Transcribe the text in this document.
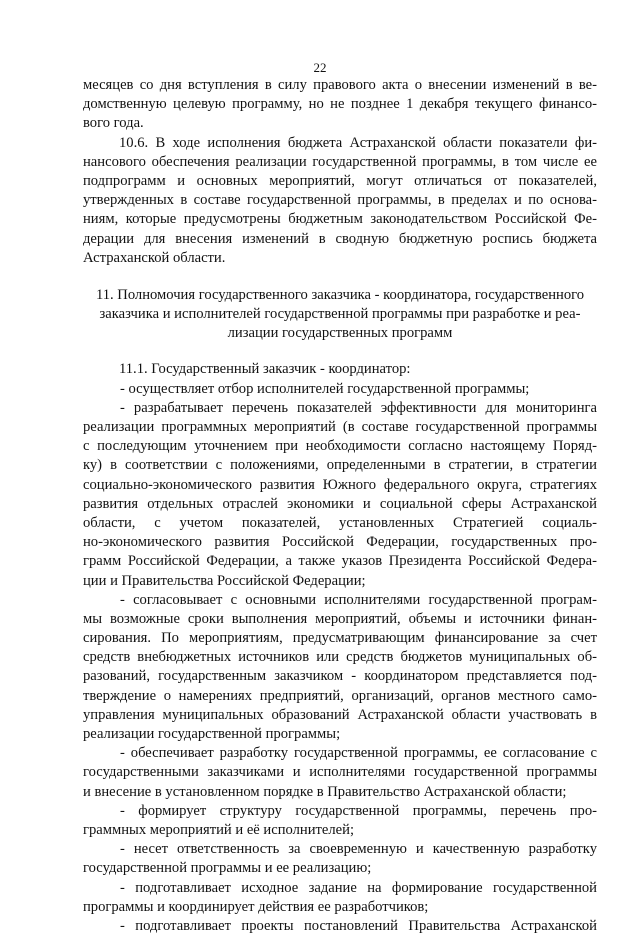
22
месяцев со дня вступления в силу правового акта о внесении изменений в ве-
домственную целевую программу, но не позднее 1 декабря текущего финансо-
вого года.
10.6. В ходе исполнения бюджета Астраханской области показатели фи-
нансового обеспечения реализации государственной программы, в том числе ее
подпрограмм и основных мероприятий, могут отличаться от показателей,
утвержденных в составе государственной программы, в пределах и по основа-
ниям, которые предусмотрены бюджетным законодательством Российской Фе-
дерации для внесения изменений в сводную бюджетную роспись бюджета
Астраханской области.
11. Полномочия государственного заказчика - координатора, государственного
заказчика и исполнителей государственной программы при разработке и реа-
лизации государственных программ
11.1. Государственный заказчик - координатор:
- осуществляет отбор исполнителей государственной программы;
- разрабатывает перечень показателей эффективности для мониторинга
реализации программных мероприятий (в составе государственной программы
с последующим уточнением при необходимости согласно настоящему Поряд-
ку) в соответствии с положениями, определенными в стратегии, в стратегии
социально-экономического развития Южного федерального округа, стратегиях
развития отдельных отраслей экономики и социальной сферы Астраханской
области, с учетом показателей, установленных Стратегией социаль-
но-экономического развития Российской Федерации, государственных про-
грамм Российской Федерации, а также указов Президента Российской Федера-
ции и Правительства Российской Федерации;
- согласовывает с основными исполнителями государственной програм-
мы возможные сроки выполнения мероприятий, объемы и источники финан-
сирования. По мероприятиям, предусматривающим финансирование за счет
средств внебюджетных источников или средств бюджетов муниципальных об-
разований, государственным заказчиком - координатором представляется под-
тверждение о намерениях предприятий, организаций, органов местного само-
управления муниципальных образований Астраханской области участвовать в
реализации государственной программы;
- обеспечивает разработку государственной программы, ее согласование с
государственными заказчиками и исполнителями государственной программы
и внесение в установленном порядке в Правительство Астраханской области;
- формирует структуру государственной программы, перечень про-
граммных мероприятий и её исполнителей;
- несет ответственность за своевременную и качественную разработку
государственной программы и ее реализацию;
- подготавливает исходное задание на формирование государственной
программы и координирует действия ее разработчиков;
- подготавливает проекты постановлений Правительства Астраханской
